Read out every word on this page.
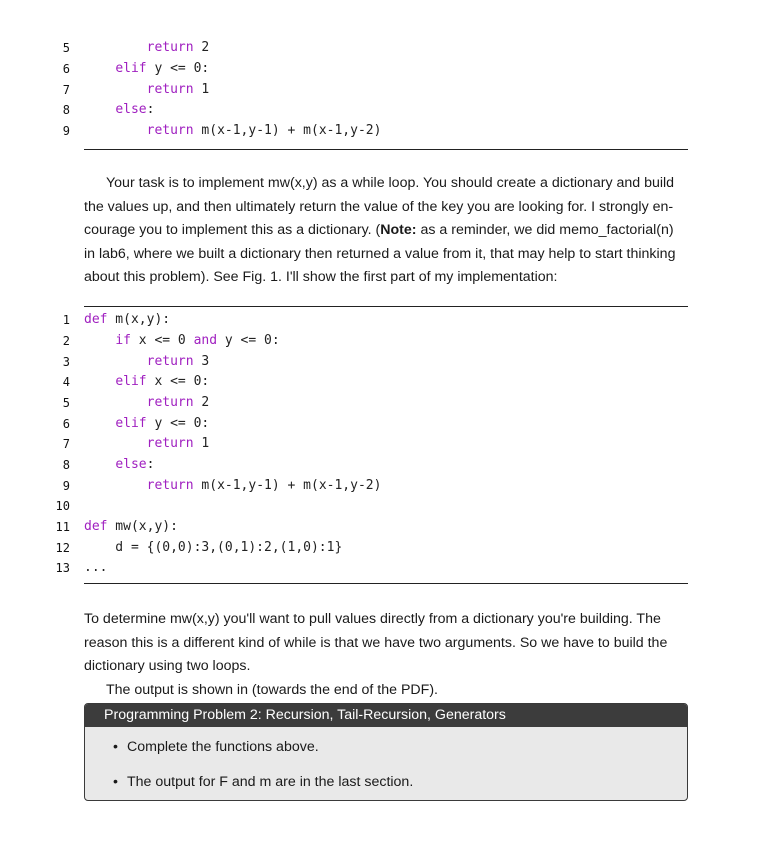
5	return 2
6	elif y <= 0:
7	return 1
8	else:
9	return m(x-1,y-1) + m(x-1,y-2)
Your task is to implement mw(x,y) as a while loop. You should create a dictionary and build
the values up, and then ultimately return the value of the key you are looking for. I strongly en-
courage you to implement this as a dictionary. (Note: as a reminder, we did memo_factorial(n)
in lab6, where we built a dictionary then returned a value from it, that may help to start thinking
about this problem). See Fig. 1. I'll show the first part of my implementation:
1 def m(x,y):
2	if x <= 0 and y <= 0:
3	return 3
4	elif x <= 0:
5	return 2
6	elif y <= 0:
7	return 1
8	else:
9	return m(x-1,y-1) + m(x-1,y-2)
10
11 def mw(x,y):
12 d = {(0,0):3,(0,1):2,(1,0):1}
13 ...
To determine mw(x,y) you'll want to pull values directly from a dictionary you're building. The
reason this is a different kind of while is that we have two arguments. So we have to build the
dictionary using two loops.
The output is shown in (towards the end of the PDF).
Programming Problem 2: Recursion, Tail-Recursion, Generators
• Complete the functions above.
• The output for F and m are in the last section.
